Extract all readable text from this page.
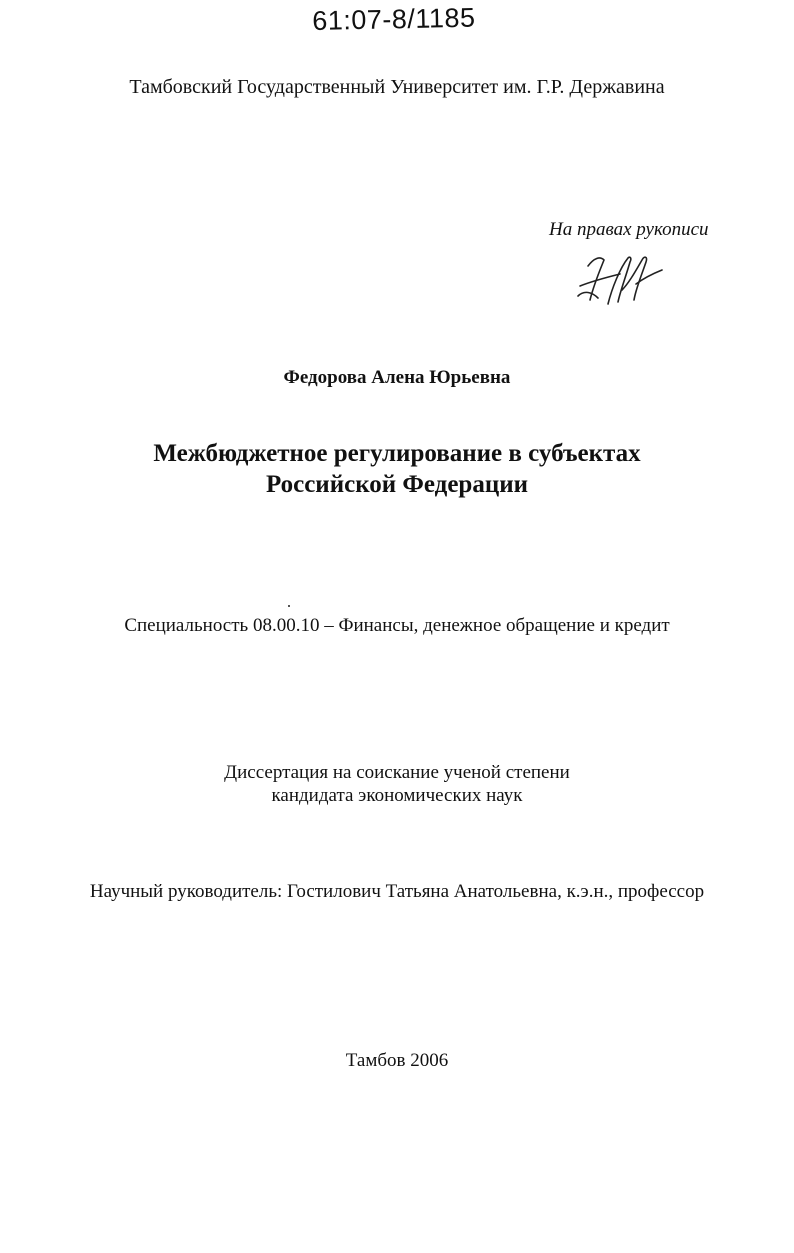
61:07-8/1185
Тамбовский Государственный Университет им. Г.Р. Державина
На правах рукописи
Федорова Алена Юрьевна
Межбюджетное регулирование в субъектах
Российской Федерации
Специальность 08.00.10 – Финансы, денежное обращение и кредит
Диссертация на соискание ученой степени
кандидата экономических наук
Научный руководитель: Гостилович Татьяна Анатольевна, к.э.н., профессор
Тамбов 2006
